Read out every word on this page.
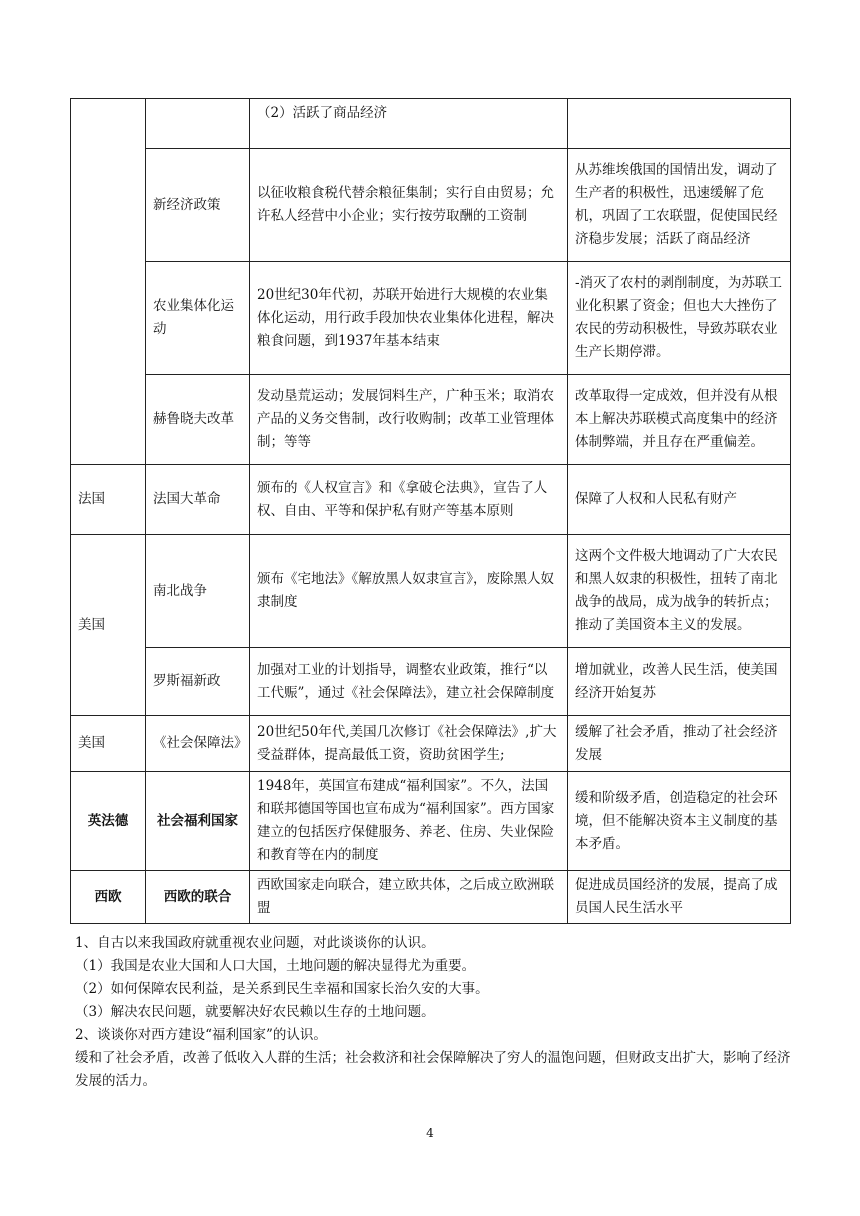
		（2）活跃了商品经济	
	新经济政策	以征收粮食税代替余粮征集制；实行自由贸易；允许私人经营中小企业；实行按劳取酬的工资制	从苏维埃俄国的国情出发，调动了生产者的积极性，迅速缓解了危机，巩固了工农联盟，促使国民经济稳步发展；活跃了商品经济
	农业集体化运动	20世纪30年代初，苏联开始进行大规模的农业集体化运动，用行政手段加快农业集体化进程，解决粮食问题，到1937年基本结束	-消灭了农村的剥削制度，为苏联工业化积累了资金；但也大大挫伤了农民的劳动积极性，导致苏联农业生产长期停滞。
	赫鲁晓夫改革	发动垦荒运动；发展饲料生产，广种玉米；取消农产品的义务交售制，改行收购制；改革工业管理体制；等等	改革取得一定成效，但并没有从根本上解决苏联模式高度集中的经济体制弊端，并且存在严重偏差。
法国	法国大革命	颁布的《人权宣言》和《拿破仑法典》，宣告了人权、自由、平等和保护私有财产等基本原则	保障了人权和人民私有财产
美国	南北战争	颁布《宅地法》《解放黑人奴隶宣言》，废除黑人奴隶制度	这两个文件极大地调动了广大农民和黑人奴隶的积极性，扭转了南北战争的战局，成为战争的转折点；推动了美国资本主义的发展。
	罗斯福新政	加强对工业的计划指导，调整农业政策，推行“以工代赈”，通过《社会保障法》，建立社会保障制度	增加就业，改善人民生活，使美国经济开始复苏
美国	《社会保障法》	20世纪50年代,美国几次修订《社会保障法》,扩大受益群体，提高最低工资，资助贫困学生;	缓解了社会矛盾，推动了社会经济发展
英法德	社会福利国家	1948年，英国宣布建成“福利国家”。不久，法国和联邦德国等国也宣布成为“福利国家”。西方国家建立的包括医疗保健服务、养老、住房、失业保险和教育等在内的制度	缓和阶级矛盾，创造稳定的社会环境，但不能解决资本主义制度的基本矛盾。
西欧	西欧的联合	西欧国家走向联合，建立欧共体，之后成立欧洲联盟	促进成员国经济的发展，提高了成员国人民生活水平

1、自古以来我国政府就重视农业问题，对此谈谈你的认识。

（1）我国是农业大国和人口大国，土地问题的解决显得尤为重要。

（2）如何保障农民利益，是关系到民生幸福和国家长治久安的大事。

（3）解决农民问题，就要解决好农民赖以生存的土地问题。

2、谈谈你对西方建设“福利国家”的认识。

缓和了社会矛盾，改善了低收入人群的生活；社会救济和社会保障解决了穷人的温饱问题，但财政支出扩大，影响了经济发展的活力。

4
